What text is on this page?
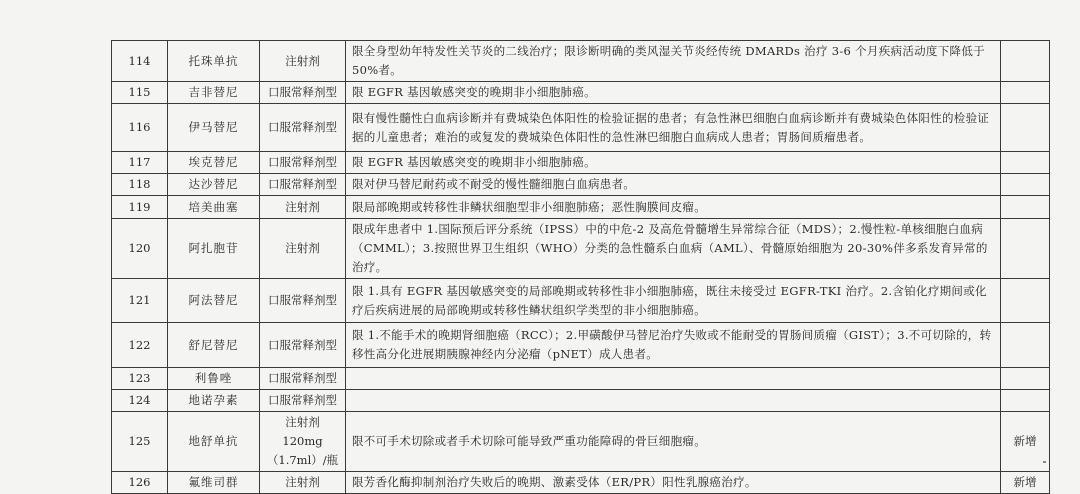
114	托珠单抗	注射剂	限全身型幼年特发性关节炎的二线治疗；限诊断明确的类风湿关节炎经传统 DMARDs 治疗 3-6 个月疾病活动度下降低于 50%者。	
115	吉非替尼	口服常释剂型	限 EGFR 基因敏感突变的晚期非小细胞肺癌。	
116	伊马替尼	口服常释剂型	限有慢性髓性白血病诊断并有费城染色体阳性的检验证据的患者；有急性淋巴细胞白血病诊断并有费城染色体阳性的检验证据的儿童患者；难治的或复发的费城染色体阳性的急性淋巴细胞白血病成人患者；胃肠间质瘤患者。	
117	埃克替尼	口服常释剂型	限 EGFR 基因敏感突变的晚期非小细胞肺癌。	
118	达沙替尼	口服常释剂型	限对伊马替尼耐药或不耐受的慢性髓细胞白血病患者。	
119	培美曲塞	注射剂	限局部晚期或转移性非鳞状细胞型非小细胞肺癌；恶性胸膜间皮瘤。	
120	阿扎胞苷	注射剂	限成年患者中 1.国际预后评分系统（IPSS）中的中危-2 及高危骨髓增生异常综合征（MDS）；2.慢性粒-单核细胞白血病（CMML）；3.按照世界卫生组织（WHO）分类的急性髓系白血病（AML）、骨髓原始细胞为 20-30%伴多系发育异常的治疗。	
121	阿法替尼	口服常释剂型	限 1.具有 EGFR 基因敏感突变的局部晚期或转移性非小细胞肺癌，既往未接受过 EGFR-TKI 治疗。2.含铂化疗期间或化疗后疾病进展的局部晚期或转移性鳞状组织学类型的非小细胞肺癌。	
122	舒尼替尼	口服常释剂型	限 1.不能手术的晚期肾细胞癌（RCC）；2.甲磺酸伊马替尼治疗失败或不能耐受的胃肠间质瘤（GIST）；3.不可切除的，转移性高分化进展期胰腺神经内分泌瘤（pNET）成人患者。	
123	利鲁唑	口服常释剂型		
124	地诺孕素	口服常释剂型		
125	地舒单抗	注射剂 120mg（1.7ml）/瓶	限不可手术切除或者手术切除可能导致严重功能障碍的骨巨细胞瘤。	新增
126	氟维司群	注射剂	限芳香化酶抑制剂治疗失败后的晚期、激素受体（ER/PR）阳性乳腺癌治疗。	新增
